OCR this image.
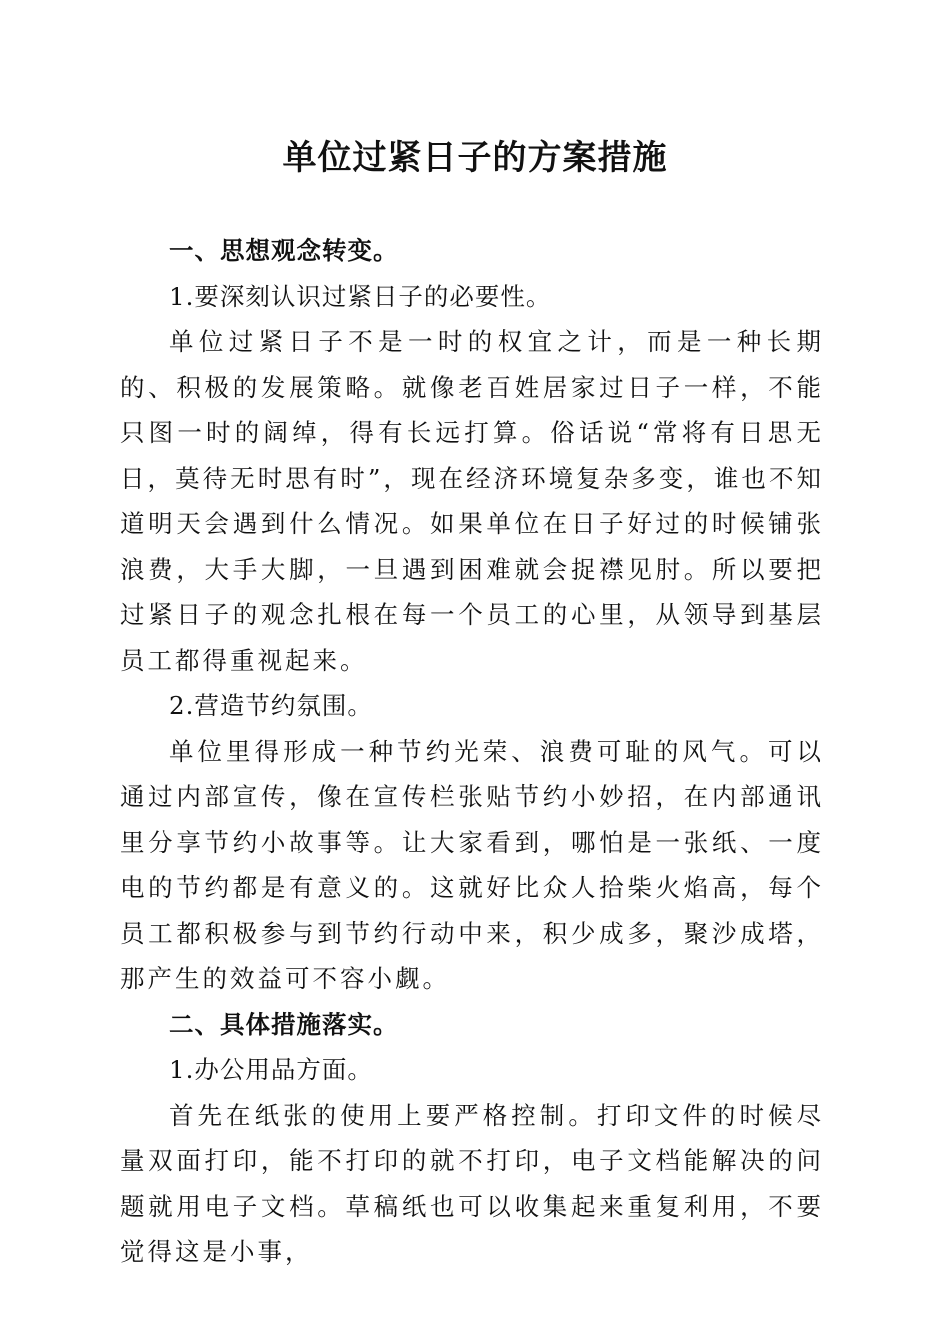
单位过紧日子的方案措施

一、思想观念转变。

1.要深刻认识过紧日子的必要性。

单位过紧日子不是一时的权宜之计，而是一种长期的、积极的发展策略。就像老百姓居家过日子一样，不能只图一时的阔绰，得有长远打算。俗话说“常将有日思无日，莫待无时思有时”，现在经济环境复杂多变，谁也不知道明天会遇到什么情况。如果单位在日子好过的时候铺张浪费，大手大脚，一旦遇到困难就会捉襟见肘。所以要把过紧日子的观念扎根在每一个员工的心里，从领导到基层员工都得重视起来。

2.营造节约氛围。

单位里得形成一种节约光荣、浪费可耻的风气。可以通过内部宣传，像在宣传栏张贴节约小妙招，在内部通讯里分享节约小故事等。让大家看到，哪怕是一张纸、一度电的节约都是有意义的。这就好比众人拾柴火焰高，每个员工都积极参与到节约行动中来，积少成多，聚沙成塔，那产生的效益可不容小觑。

二、具体措施落实。

1.办公用品方面。

首先在纸张的使用上要严格控制。打印文件的时候尽量双面打印，能不打印的就不打印，电子文档能解决的问题就用电子文档。草稿纸也可以收集起来重复利用，不要觉得这是小事，
